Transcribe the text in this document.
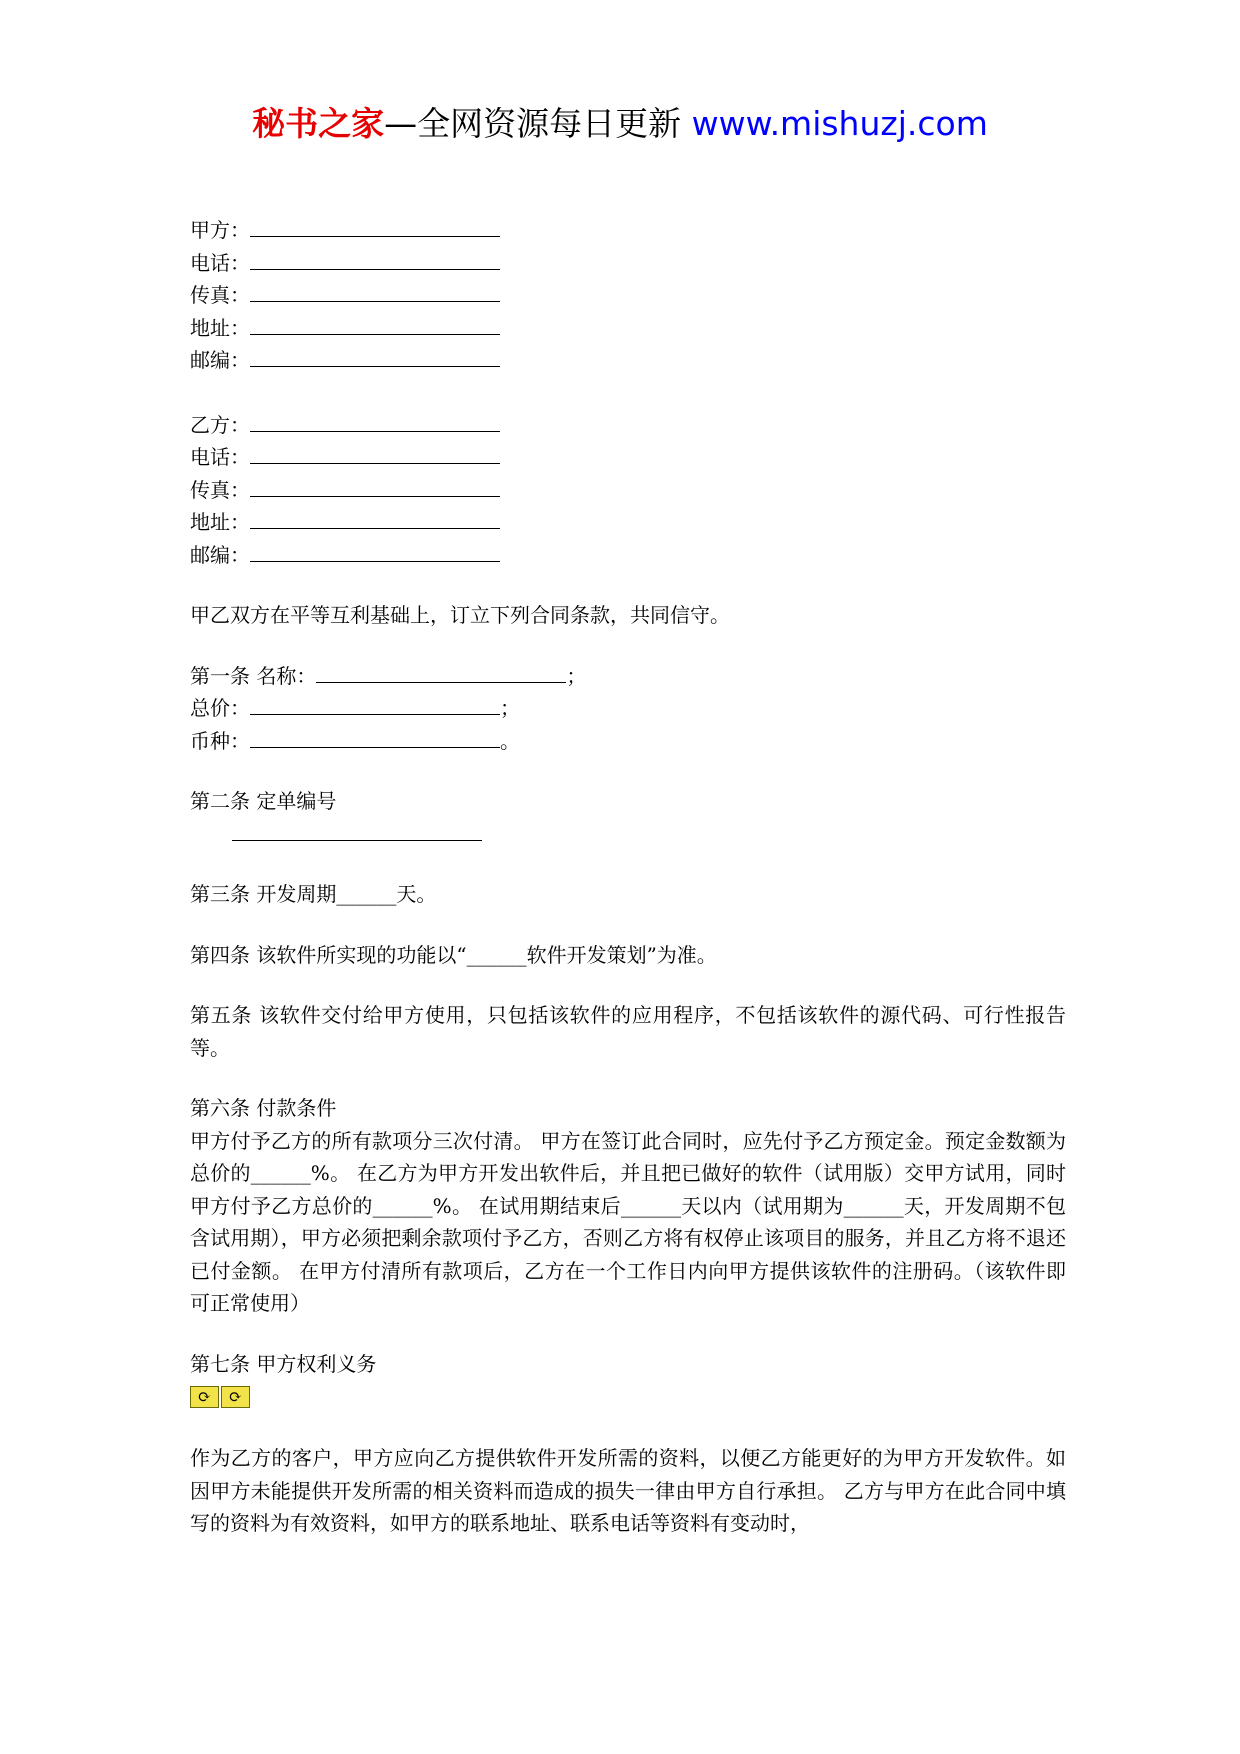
秘书之家—全网资源每日更新 www.mishuzj.com
甲方：
电话：
传真：
地址：
邮编：
乙方：
电话：
传真：
地址：
邮编：
甲乙双方在平等互利基础上，订立下列合同条款，共同信守。
第一条 名称：	；
总价：	；
币种：	。
第二条 定单编号
第三条 开发周期______天。
第四条 该软件所实现的功能以“______软件开发策划”为准。
第五条 该软件交付给甲方使用，只包括该软件的应用程序，不包括该软件的源代码、可行性报告等。
第六条 付款条件
甲方付予乙方的所有款项分三次付清。 甲方在签订此合同时，应先付予乙方预定金。预定金数额为总价的______%。 在乙方为甲方开发出软件后，并且把已做好的软件（试用版）交甲方试用，同时甲方付予乙方总价的______%。 在试用期结束后______天以内（试用期为______天，开发周期不包含试用期），甲方必须把剩余款项付予乙方，否则乙方将有权停止该项目的服务，并且乙方将不退还已付金额。 在甲方付清所有款项后，乙方在一个工作日内向甲方提供该软件的注册码。（该软件即可正常使用）
第七条 甲方权利义务
⟳	⟳
作为乙方的客户，甲方应向乙方提供软件开发所需的资料，以便乙方能更好的为甲方开发软件。如因甲方未能提供开发所需的相关资料而造成的损失一律由甲方自行承担。 乙方与甲方在此合同中填写的资料为有效资料，如甲方的联系地址、联系电话等资料有变动时，
